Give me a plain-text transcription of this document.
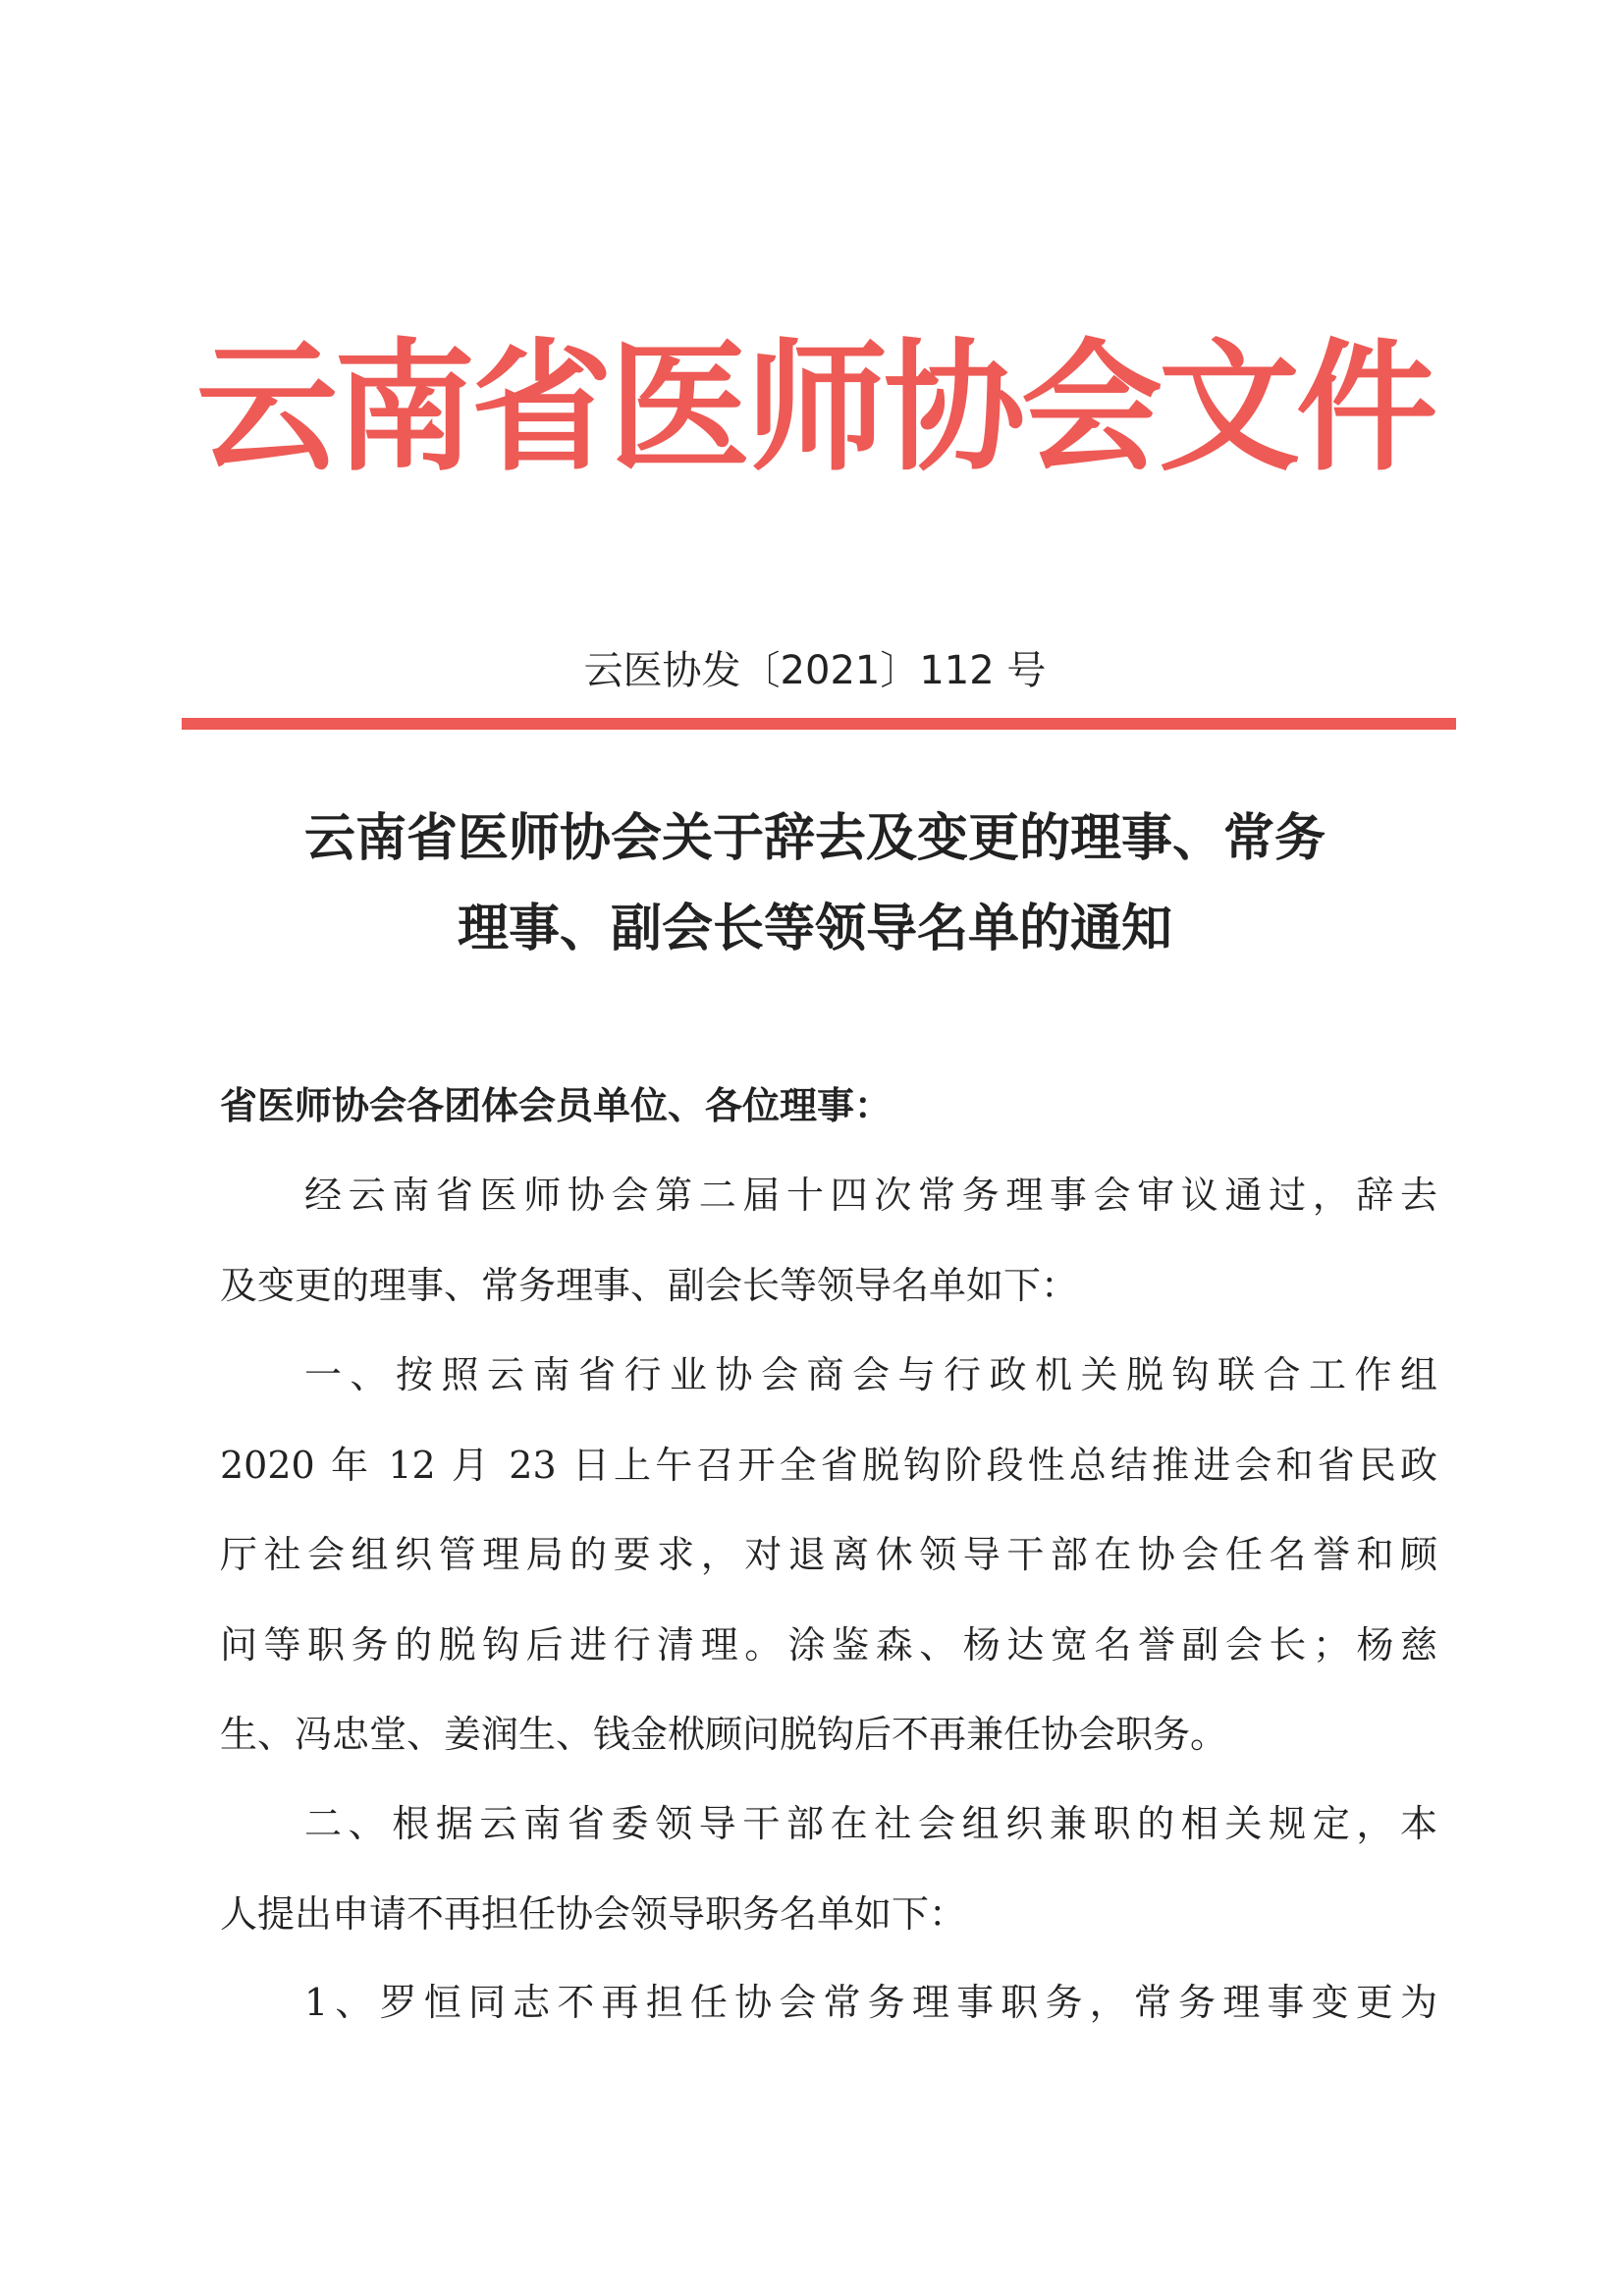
云南省医师协会文件
云医协发〔2021〕112 号
云南省医师协会关于辞去及变更的理事、常务
理事、副会长等领导名单的通知
省医师协会各团体会员单位、各位理事：
经云南省医师协会第二届十四次常务理事会审议通过，辞去
及变更的理事、常务理事、副会长等领导名单如下：
一、按照云南省行业协会商会与行政机关脱钩联合工作组
2020 年 12 月 23 日上午召开全省脱钩阶段性总结推进会和省民政
厅社会组织管理局的要求，对退离休领导干部在协会任名誉和顾
问等职务的脱钩后进行清理。涂鉴森、杨达宽名誉副会长；杨慈
生、冯忠堂、姜润生、钱金栿顾问脱钩后不再兼任协会职务。
二、根据云南省委领导干部在社会组织兼职的相关规定，本
人提出申请不再担任协会领导职务名单如下：
1、罗恒同志不再担任协会常务理事职务，常务理事变更为
